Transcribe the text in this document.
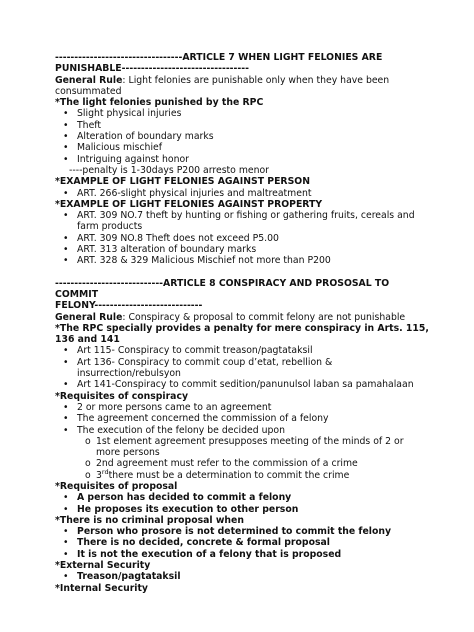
---------------------------------ARTICLE 7 WHEN LIGHT FELONIES ARE

PUNISHABLE---------------------------------

General Rule: Light felonies are punishable only when they have been consummated

*The light felonies punished by the RPC

• Slight physical injuries
• Theft
• Alteration of boundary marks
• Malicious mischief
• Intriguing against honor

----penalty is 1-30days P200 arresto menor

*EXAMPLE OF LIGHT FELONIES AGAINST PERSON

• ART. 266-slight physical injuries and maltreatment

*EXAMPLE OF LIGHT FELONIES AGAINST PROPERTY

• ART. 309 NO.7 theft by hunting or fishing or gathering fruits, cereals and farm products
• ART. 309 NO.8 Theft does not exceed P5.00
• ART. 313 alteration of boundary marks
• ART. 328 & 329 Malicious Mischief not more than P200

----------------------------ARTICLE 8 CONSPIRACY AND PROSOSAL TO COMMIT

FELONY----------------------------

General Rule: Conspiracy & proposal to commit felony are not punishable

*The RPC specially provides a penalty for mere conspiracy in Arts. 115, 136 and 141

• Art 115- Conspiracy to commit treason/pagtataksil
• Art 136- Conspiracy to commit coup d’etat, rebellion & insurrection/rebulsyon
• Art 141-Conspiracy to commit sedition/panunulsol laban sa pamahalaan

*Requisites of conspiracy

• 2 or more persons came to an agreement
• The agreement concerned the commission of a felony
• The execution of the felony be decided upon
o 1st element agreement presupposes meeting of the minds of 2 or more persons
o 2nd agreement must refer to the commission of a crime
o 3rdthere must be a determination to commit the crime

*Requisites of proposal

• A person has decided to commit a felony
• He proposes its execution to other person

*There is no criminal proposal when

• Person who prosore is not determined to commit the felony
• There is no decided, concrete & formal proposal
• It is not the execution of a felony that is proposed

*External Security

• Treason/pagtataksil

*Internal Security
